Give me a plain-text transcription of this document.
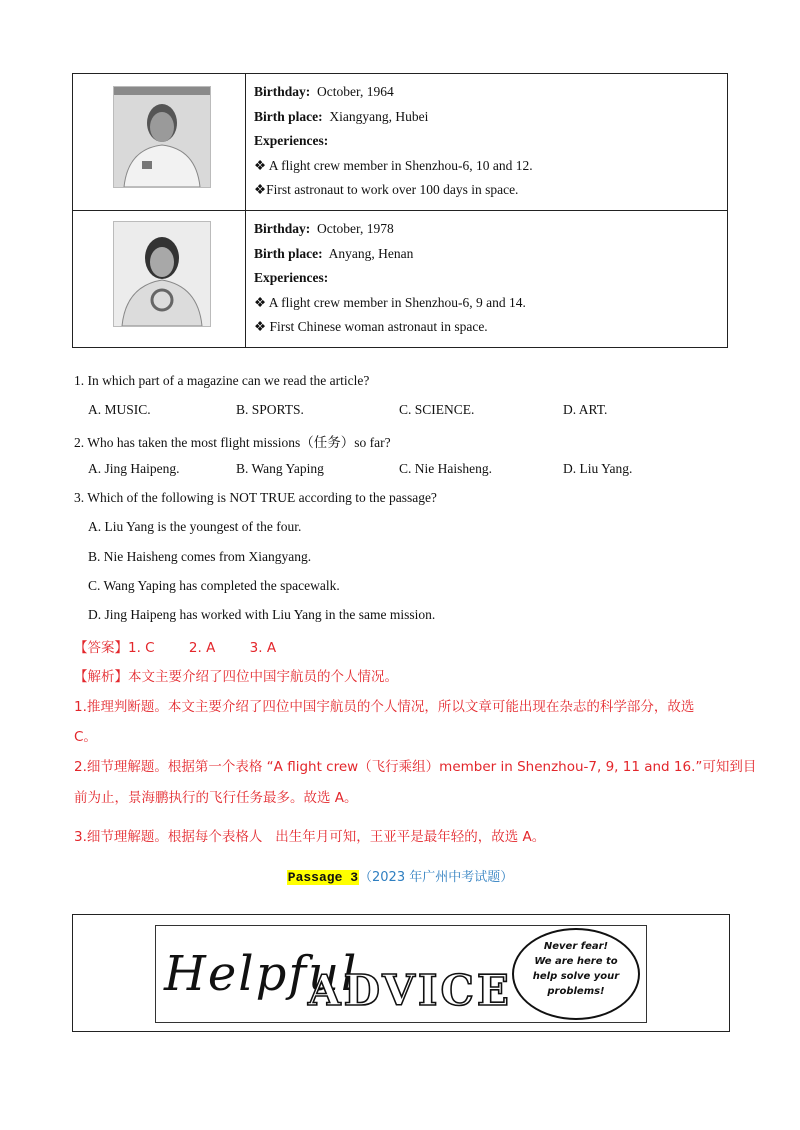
Birthday: October, 1964
Birth place: Xiangyang, Hubei
Experiences:
❖ A flight crew member in Shenzhou-6, 10 and 12.
❖First astronaut to work over 100 days in space.

Birthday: October, 1978
Birth place: Anyang, Henan
Experiences:
❖ A flight crew member in Shenzhou-6, 9 and 14.
❖ First Chinese woman astronaut in space.
1. In which part of a magazine can we read the article?
A. MUSIC.	B. SPORTS.	C. SCIENCE.	D. ART.
2. Who has taken the most flight missions（任务）so far?
A. Jing Haipeng.	B. Wang Yaping	C. Nie Haisheng.	D. Liu Yang.
3. Which of the following is NOT TRUE according to the passage?
A. Liu Yang is the youngest of the four.
B. Nie Haisheng comes from Xiangyang.
C. Wang Yaping has completed the spacewalk.
D. Jing Haipeng has worked with Liu Yang in the same mission.
【答案】1. C        2. A        3. A
【解析】本文主要介绍了四位中国宇航员的个人情况。
1.推理判断题。本文主要介绍了四位中国宇航员的个人情况，所以文章可能出现在杂志的科学部分，故选
C。
2.细节理解题。根据第一个表格 “A flight crew（飞行乘组）member in Shenzhou-7, 9, 11 and 16.”可知到目
前为止，景海鹏执行的飞行任务最多。故选 A。
3.细节理解题。根据每个表格人   出生年月可知，王亚平是最年轻的，故选 A。
Passage 3（2023 年广州中考试题）
Helpful
ADVICE
Never fear!
We are here to
help solve your
problems!
